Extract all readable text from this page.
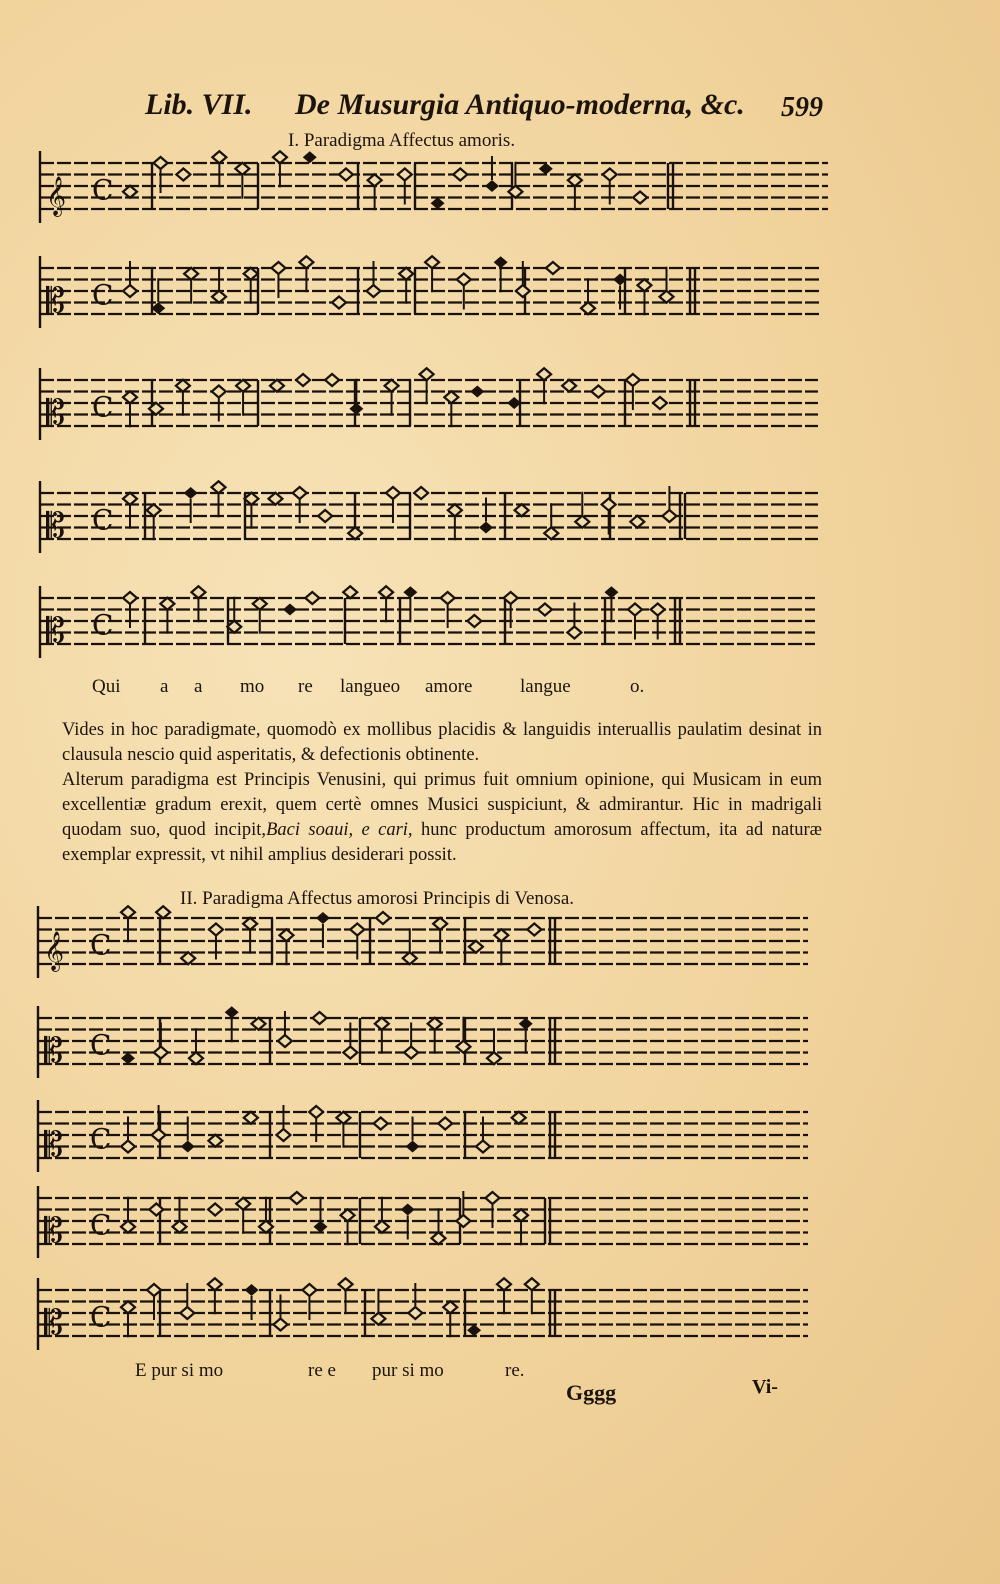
Lib. VII. De Musurgia Antiquo-moderna, &c. 599
I. Paradigma Affectus amoris.
𝄞 C
𝄡 C
𝄡 C
𝄡 C
𝄡 C
𝄞 C
𝄡 C
𝄡 C
𝄡 C
𝄡 C
Qui a a mo re langueo amore	langue	o.

Vides in hoc paradigmate, quomodò ex mollibus placidis & languidis interuallis paulatim desinat in clausula nescio quid asperitatis, & defectionis obtinente.

Alterum paradigma est Principis Venusini, qui primus fuit omnium opinione, qui Musicam in eum excellentiæ gradum erexit, quem certè omnes Musici suspiciunt, & admirantur. Hic in madrigali quodam suo, quod incipit,Baci soaui, e cari, hunc productum amorosum affectum, ita ad naturæ exemplar expressit, vt nihil amplius desiderari possit.

II. Paradigma Affectus amorosi Principis di Venosa.
E pur si mo	re e pur si mo	re.
Gggg	Vi-
